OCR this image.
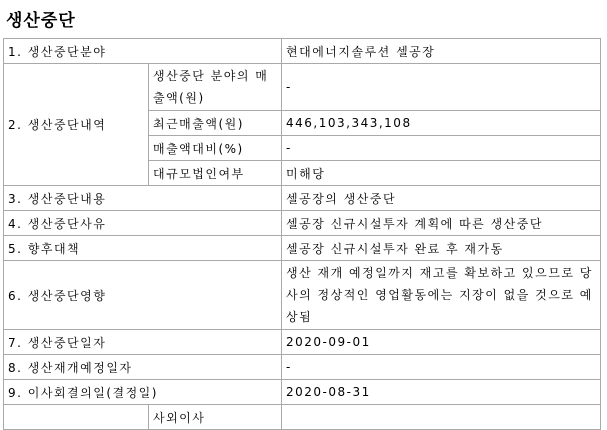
생산중단
1. 생산중단분야		현대에너지솔루션 셀공장
2. 생산중단내역	생산중단 분야의 매출액(원)	-
	최근매출액(원)	446,103,343,108
	매출액대비(%)	-
	대규모법인여부	미해당
3. 생산중단내용		셀공장의 생산중단
4. 생산중단사유		셀공장 신규시설투자 계획에 따른 생산중단
5. 향후대책		셀공장 신규시설투자 완료 후 재가동
6. 생산중단영향		생산 재개 예정일까지 재고를 확보하고 있으므로 당사의 정상적인 영업활동에는 지장이 없을 것으로 예상됨
7. 생산중단일자		2020-09-01
8. 생산재개예정일자		-
9. 이사회결의일(결정일)		2020-08-31
	사외이사	
